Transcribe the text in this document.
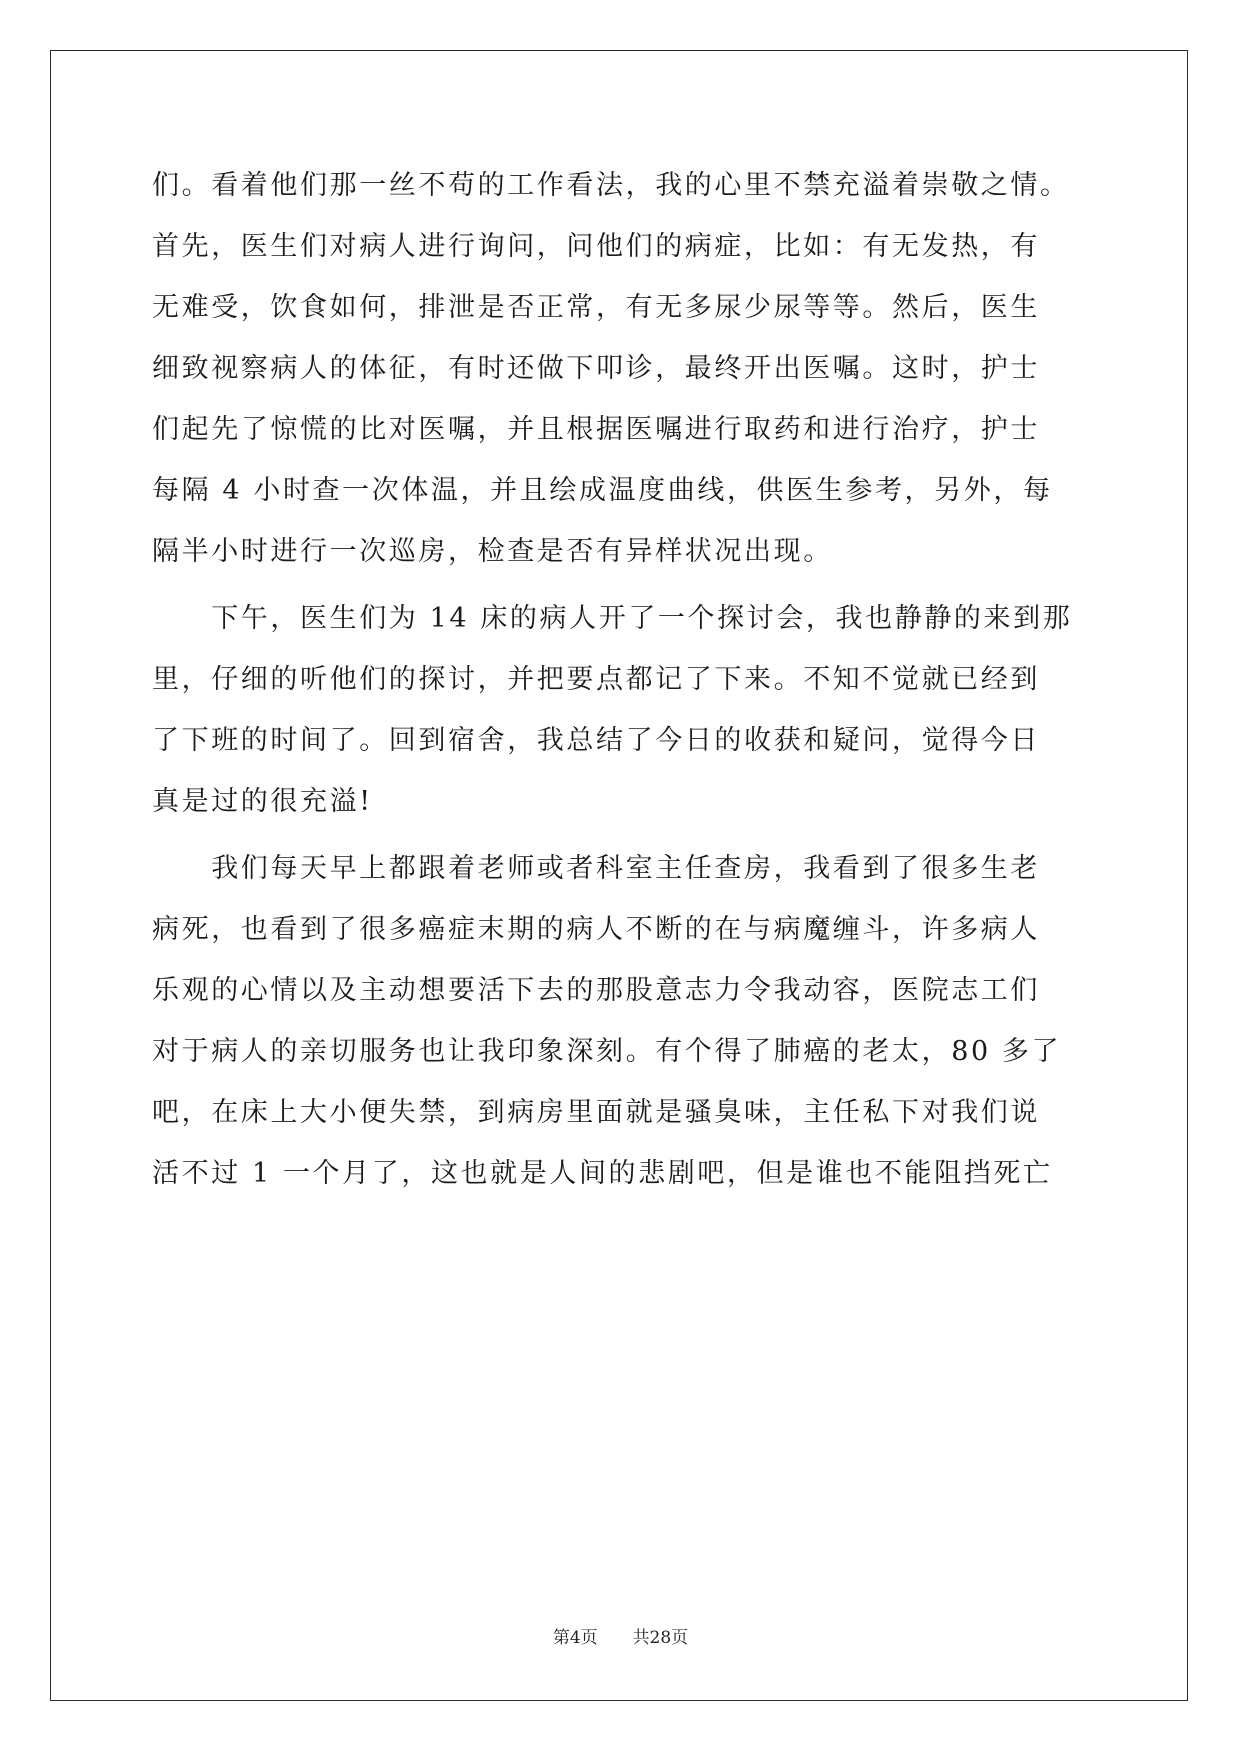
们。看着他们那一丝不苟的工作看法，我的心里不禁充溢着崇敬之情。
首先，医生们对病人进行询问，问他们的病症，比如：有无发热，有
无难受，饮食如何，排泄是否正常，有无多尿少尿等等。然后，医生
细致视察病人的体征，有时还做下叩诊，最终开出医嘱。这时，护士
们起先了惊慌的比对医嘱，并且根据医嘱进行取药和进行治疗，护士
每隔 4 小时查一次体温，并且绘成温度曲线，供医生参考，另外，每
隔半小时进行一次巡房，检查是否有异样状况出现。
　　下午，医生们为 14 床的病人开了一个探讨会，我也静静的来到那
里，仔细的听他们的探讨，并把要点都记了下来。不知不觉就已经到
了下班的时间了。回到宿舍，我总结了今日的收获和疑问，觉得今日
真是过的很充溢!
　　我们每天早上都跟着老师或者科室主任查房，我看到了很多生老
病死，也看到了很多癌症末期的病人不断的在与病魔缠斗，许多病人
乐观的心情以及主动想要活下去的那股意志力令我动容，医院志工们
对于病人的亲切服务也让我印象深刻。有个得了肺癌的老太，80 多了
吧，在床上大小便失禁，到病房里面就是骚臭味，主任私下对我们说
活不过 1 一个月了，这也就是人间的悲剧吧，但是谁也不能阻挡死亡
第4页 共28页
